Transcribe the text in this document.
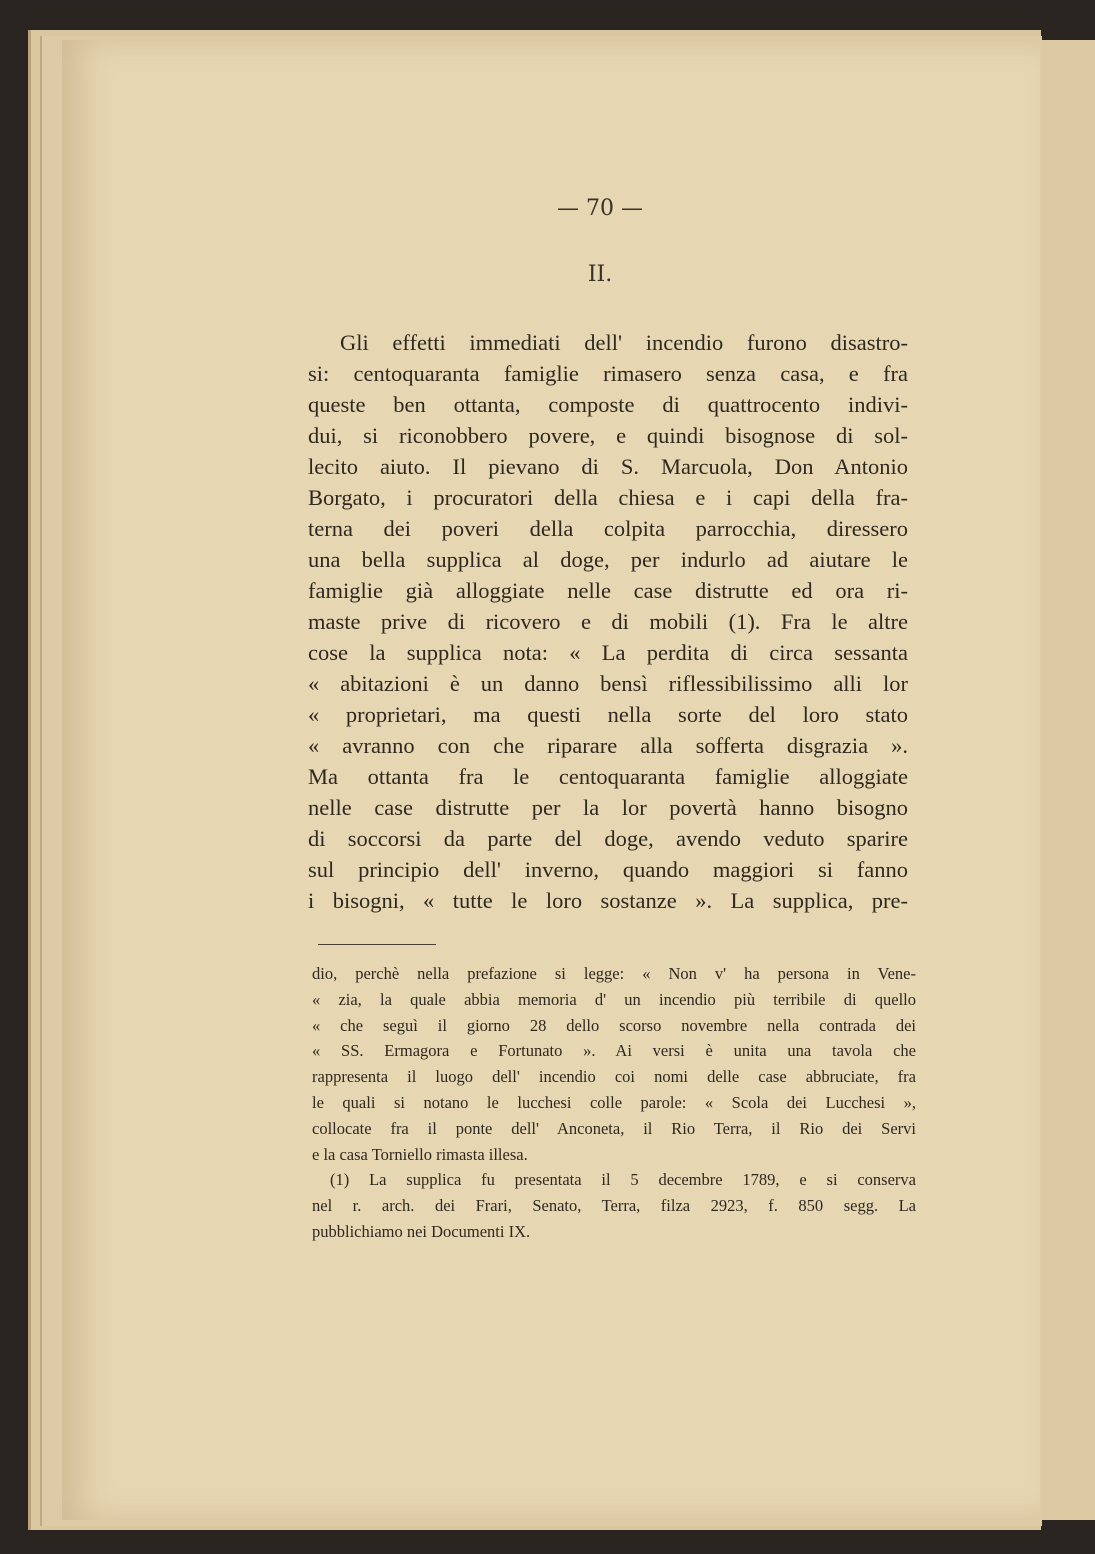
— 70 —
II.
Gli effetti immediati dell' incendio furono disastro-
si: centoquaranta famiglie rimasero senza casa, e fra
queste ben ottanta, composte di quattrocento indivi-
dui, si riconobbero povere, e quindi bisognose di sol-
lecito aiuto. Il pievano di S. Marcuola, Don Antonio
Borgato, i procuratori della chiesa e i capi della fra-
terna dei poveri della colpita parrocchia, diressero
una bella supplica al doge, per indurlo ad aiutare le
famiglie già alloggiate nelle case distrutte ed ora ri-
maste prive di ricovero e di mobili (1). Fra le altre
cose la supplica nota: « La perdita di circa sessanta
« abitazioni è un danno bensì riflessibilissimo alli lor
« proprietari, ma questi nella sorte del loro stato
« avranno con che riparare alla sofferta disgrazia ».
Ma ottanta fra le centoquaranta famiglie alloggiate
nelle case distrutte per la lor povertà hanno bisogno
di soccorsi da parte del doge, avendo veduto sparire
sul principio dell' inverno, quando maggiori si fanno
i bisogni, « tutte le loro sostanze ». La supplica, pre-
dio, perchè nella prefazione si legge: « Non v' ha persona in Vene-
« zia, la quale abbia memoria d' un incendio più terribile di quello
« che seguì il giorno 28 dello scorso novembre nella contrada dei
« SS. Ermagora e Fortunato ». Ai versi è unita una tavola che
rappresenta il luogo dell' incendio coi nomi delle case abbruciate, fra
le quali si notano le lucchesi colle parole: « Scola dei Lucchesi »,
collocate fra il ponte dell' Anconeta, il Rio Terra, il Rio dei Servi
e la casa Torniello rimasta illesa.
(1) La supplica fu presentata il 5 decembre 1789, e si conserva
nel r. arch. dei Frari, Senato, Terra, filza 2923, f. 850 segg. La
pubblichiamo nei Documenti IX.
